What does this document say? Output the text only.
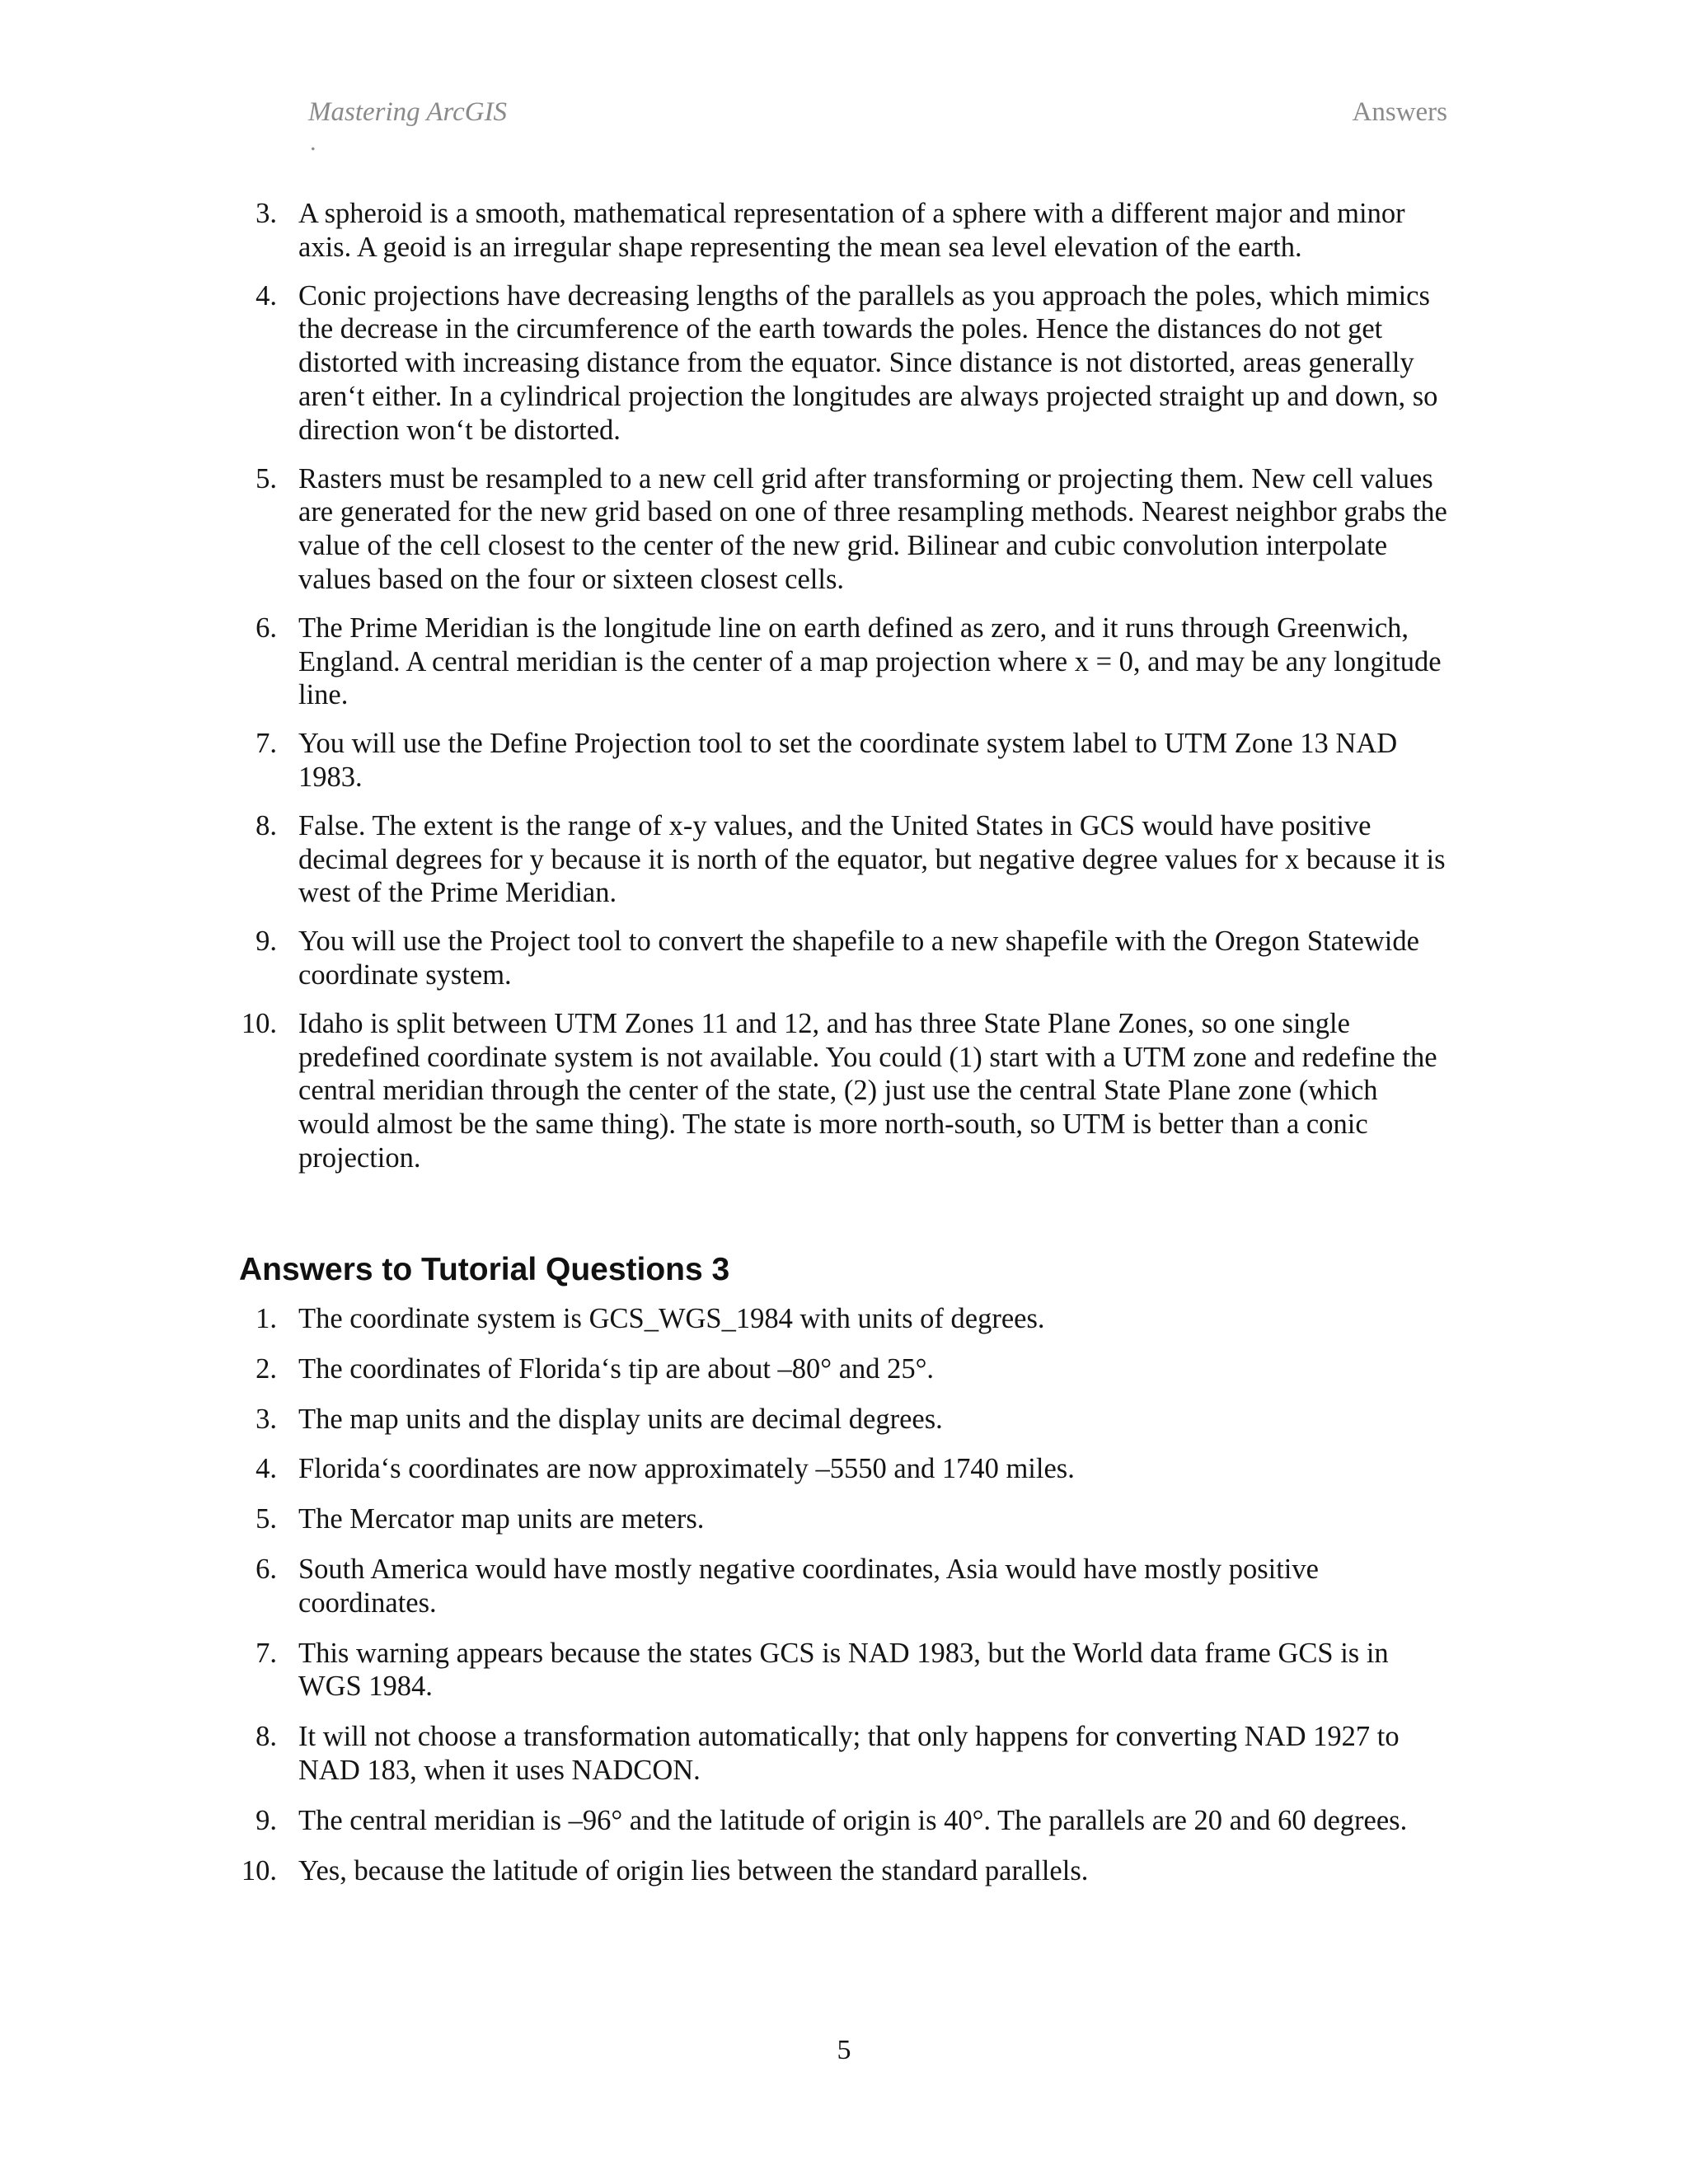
Mastering ArcGIS
.
Answers
3. A spheroid is a smooth, mathematical representation of a sphere with a different major and minor axis. A geoid is an irregular shape representing the mean sea level elevation of the earth.
4. Conic projections have decreasing lengths of the parallels as you approach the poles, which mimics the decrease in the circumference of the earth towards the poles. Hence the distances do not get distorted with increasing distance from the equator. Since distance is not distorted, areas generally aren‘t either. In a cylindrical projection the longitudes are always projected straight up and down, so direction won‘t be distorted.
5. Rasters must be resampled to a new cell grid after transforming or projecting them. New cell values are generated for the new grid based on one of three resampling methods. Nearest neighbor grabs the value of the cell closest to the center of the new grid. Bilinear and cubic convolution interpolate values based on the four or sixteen closest cells.
6. The Prime Meridian is the longitude line on earth defined as zero, and it runs through Greenwich, England. A central meridian is the center of a map projection where x = 0, and may be any longitude line.
7. You will use the Define Projection tool to set the coordinate system label to UTM Zone 13 NAD 1983.
8. False. The extent is the range of x-y values, and the United States in GCS would have positive decimal degrees for y because it is north of the equator, but negative degree values for x because it is west of the Prime Meridian.
9. You will use the Project tool to convert the shapefile to a new shapefile with the Oregon Statewide coordinate system.
10. Idaho is split between UTM Zones 11 and 12, and has three State Plane Zones, so one single predefined coordinate system is not available. You could (1) start with a UTM zone and redefine the central meridian through the center of the state, (2) just use the central State Plane zone (which would almost be the same thing). The state is more north-south, so UTM is better than a conic projection.
Answers to Tutorial Questions 3
1. The coordinate system is GCS_WGS_1984 with units of degrees.
2. The coordinates of Florida‘s tip are about –80° and 25°.
3. The map units and the display units are decimal degrees.
4. Florida‘s coordinates are now approximately –5550 and 1740 miles.
5. The Mercator map units are meters.
6. South America would have mostly negative coordinates, Asia would have mostly positive coordinates.
7. This warning appears because the states GCS is NAD 1983, but the World data frame GCS is in WGS 1984.
8. It will not choose a transformation automatically; that only happens for converting NAD 1927 to NAD 183, when it uses NADCON.
9. The central meridian is –96° and the latitude of origin is 40°. The parallels are 20 and 60 degrees.
10. Yes, because the latitude of origin lies between the standard parallels.
5
